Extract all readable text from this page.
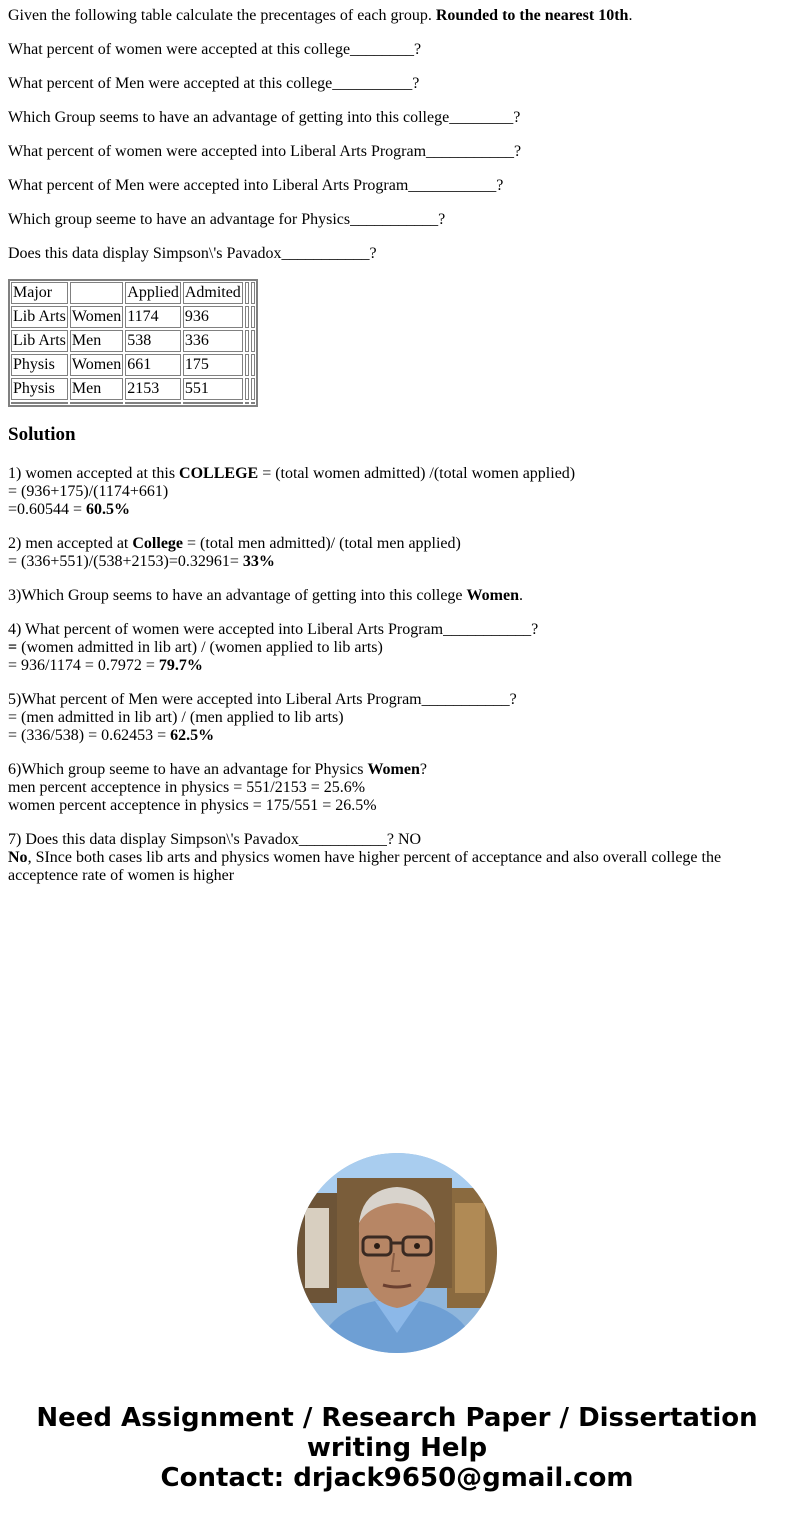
Given the following table calculate the precentages of each group. Rounded to the nearest 10th.

What percent of women were accepted at this college________?

What percent of Men were accepted at this college__________?

Which Group seems to have an advantage of getting into this college________?

What percent of women were accepted into Liberal Arts Program___________?

What percent of Men were accepted into Liberal Arts Program___________?

Which group seeme to have an advantage for Physics___________?

Does this data display Simpson\'s Pavadox___________?

Major		Applied	Admited		
Lib Arts	Women	1174	936		
Lib Arts	Men	538	336		
Physis	Women	661	175		
Physis	Men	2153	551		

Solution
1) women accepted at this COLLEGE = (total women admitted) /(total women applied)
= (936+175)/(1174+661)
=0.60544 = 60.5%
2) men accepted at College = (total men admitted)/ (total men applied)
= (336+551)/(538+2153)=0.32961= 33%
3)Which Group seems to have an advantage of getting into this college Women.
4) What percent of women were accepted into Liberal Arts Program___________?
= (women admitted in lib art) / (women applied to lib arts)
= 936/1174 = 0.7972 = 79.7%
5)What percent of Men were accepted into Liberal Arts Program___________?
= (men admitted in lib art) / (men applied to lib arts)
= (336/538) = 0.62453 = 62.5%
6)Which group seeme to have an advantage for Physics Women?
men percent acceptence in physics = 551/2153 = 25.6%
women percent acceptence in physics = 175/551 = 26.5%
7) Does this data display Simpson\'s Pavadox___________? NO
No, SInce both cases lib arts and physics women have higher percent of acceptance and also overall college the acceptence rate of women is higher
Need Assignment / Research Paper / Dissertation
writing Help
Contact: drjack9650@gmail.com
